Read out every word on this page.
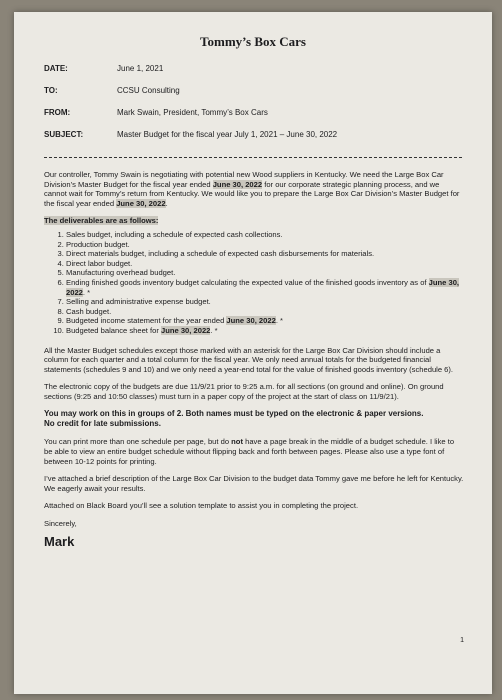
Tommy’s Box Cars
DATE:	June 1, 2021
TO:	CCSU Consulting
FROM:	Mark Swain, President, Tommy’s Box Cars
SUBJECT:	Master Budget for the fiscal year July 1, 2021 – June 30, 2022

Our controller, Tommy Swain is negotiating with potential new Wood suppliers in Kentucky. We need the Large Box Car Division’s Master Budget for the fiscal year ended June 30, 2022 for our corporate strategic planning process, and we cannot wait for Tommy’s return from Kentucky. We would like you to prepare the Large Box Car Division’s Master Budget for the fiscal year ended June 30, 2022.

The deliverables are as follows:
1. Sales budget, including a schedule of expected cash collections.
2. Production budget.
3. Direct materials budget, including a schedule of expected cash disbursements for materials.
4. Direct labor budget.
5. Manufacturing overhead budget.
6. Ending finished goods inventory budget calculating the expected value of the finished goods inventory as of June 30, 2022. *
7. Selling and administrative expense budget.
8. Cash budget.
9. Budgeted income statement for the year ended June 30, 2022. *
10. Budgeted balance sheet for June 30, 2022. *

All the Master Budget schedules except those marked with an asterisk for the Large Box Car Division should include a column for each quarter and a total column for the fiscal year. We only need annual totals for the budgeted financial statements (schedules 9 and 10) and we only need a year-end total for the value of finished goods inventory (schedule 6).

The electronic copy of the budgets are due 11/9/21 prior to 9:25 a.m. for all sections (on ground and online). On ground sections (9:25 and 10:50 classes) must turn in a paper copy of the project at the start of class on 11/9/21).

You may work on this in groups of 2. Both names must be typed on the electronic & paper versions.
No credit for late submissions.

You can print more than one schedule per page, but do not have a page break in the middle of a budget schedule. I like to be able to view an entire budget schedule without flipping back and forth between pages. Please also use a type font of between 10-12 points for printing.

I’ve attached a brief description of the Large Box Car Division to the budget data Tommy gave me before he left for Kentucky. We eagerly await your results.

Attached on Black Board you’ll see a solution template to assist you in completing the project.

Sincerely,

Mark
1
